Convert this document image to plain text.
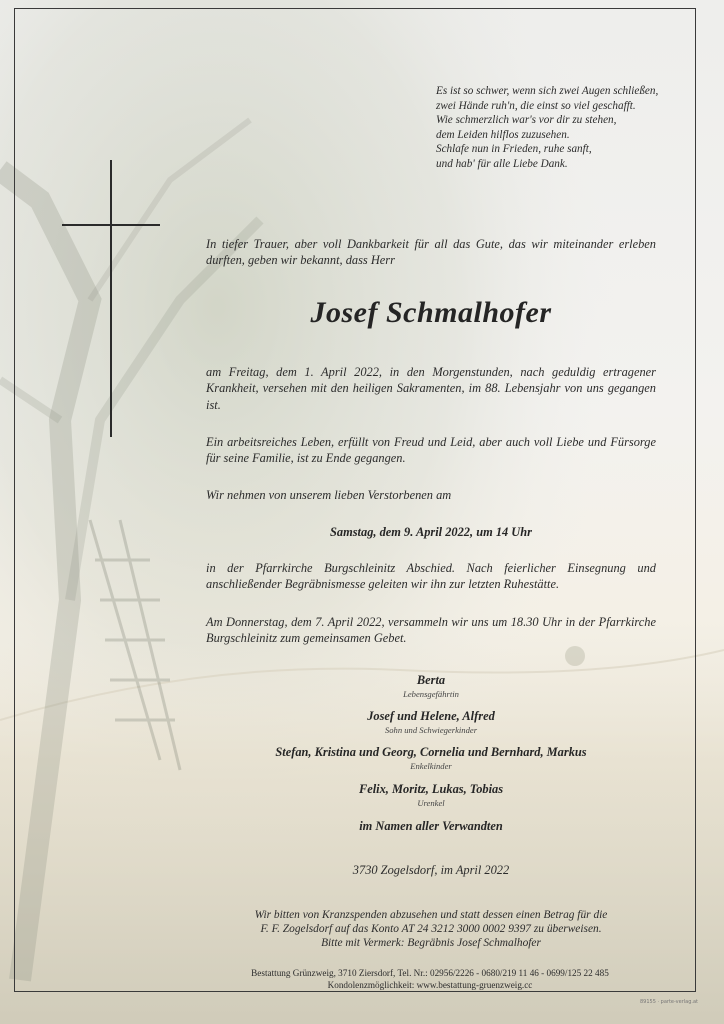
Es ist so schwer, wenn sich zwei Augen schließen,
zwei Hände ruh'n, die einst so viel geschafft.
Wie schmerzlich war's vor dir zu stehen,
dem Leiden hilflos zuzusehen.
Schlafe nun in Frieden, ruhe sanft,
und hab' für alle Liebe Dank.
In tiefer Trauer, aber voll Dankbarkeit für all das Gute, das wir miteinander erleben durften, geben wir bekannt, dass Herr
Josef Schmalhofer
am Freitag, dem 1. April 2022, in den Morgenstunden, nach geduldig ertragener Krankheit, versehen mit den heiligen Sakramenten, im 88. Lebensjahr von uns gegangen ist.
Ein arbeitsreiches Leben, erfüllt von Freud und Leid, aber auch voll Liebe und Fürsorge für seine Familie, ist zu Ende gegangen.
Wir nehmen von unserem lieben Verstorbenen am
Samstag, dem 9. April 2022, um 14 Uhr
in der Pfarrkirche Burgschleinitz Abschied. Nach feierlicher Einsegnung und anschließender Begräbnismesse geleiten wir ihn zur letzten Ruhestätte.
Am Donnerstag, dem 7. April 2022, versammeln wir uns um 18.30 Uhr in der Pfarrkirche Burgschleinitz zum gemeinsamen Gebet.
Berta
Lebensgefährtin
Josef und Helene, Alfred
Sohn und Schwiegerkinder
Stefan, Kristina und Georg, Cornelia und Bernhard, Markus
Enkelkinder
Felix, Moritz, Lukas, Tobias
Urenkel
im Namen aller Verwandten
3730 Zogelsdorf, im April 2022
Wir bitten von Kranzspenden abzusehen und statt dessen einen Betrag für die
F. F. Zogelsdorf auf das Konto AT 24 3212 3000 0002 9397 zu überweisen.
Bitte mit Vermerk: Begräbnis Josef Schmalhofer
Bestattung Grünzweig, 3710 Ziersdorf, Tel. Nr.: 02956/2226 - 0680/219 11 46 - 0699/125 22 485
Kondolenzmöglichkeit: www.bestattung-gruenzweig.cc
89155 · parte-verlag.at
